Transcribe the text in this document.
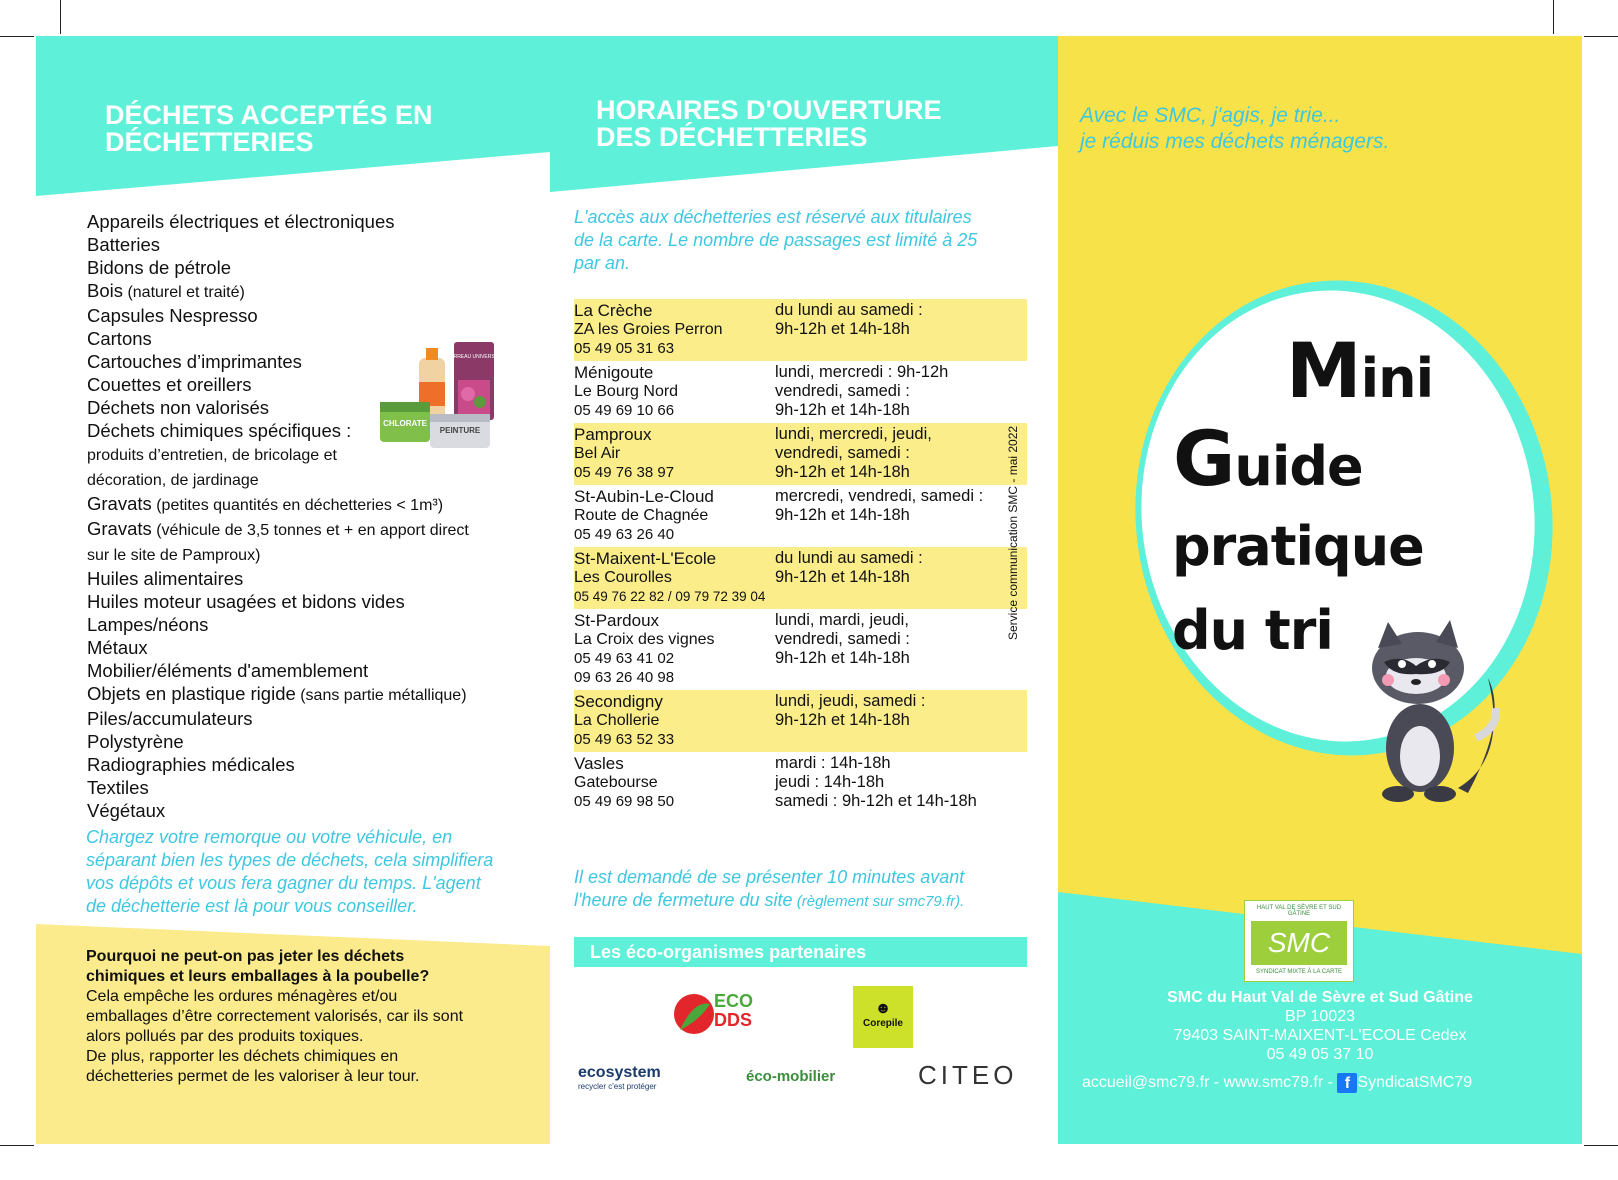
DÉCHETS ACCEPTÉS EN
DÉCHETTERIES
Appareils électriques et électroniques
Batteries
Bidons de pétrole
Bois (naturel et traité)
Capsules Nespresso
Cartons
Cartouches d’imprimantes
Couettes et oreillers
Déchets non valorisés
Déchets chimiques spécifiques :
produits d’entretien, de bricolage et
décoration, de jardinage
Gravats (petites quantités en déchetteries < 1m³)
Gravats (véhicule de 3,5 tonnes et + en apport direct
sur le site de Pamproux)
Huiles alimentaires
Huiles moteur usagées et bidons vides
Lampes/néons
Métaux
Mobilier/éléments d'amemblement
Objets en plastique rigide (sans partie métallique)
Piles/accumulateurs
Polystyrène
Radiographies médicales
Textiles
Végétaux
CHLORATE
PEINTURE
TERREAU UNIVERSEL
Chargez votre remorque ou votre véhicule, en
séparant bien les types de déchets, cela simplifiera
vos dépôts et vous fera gagner du temps. L'agent
de déchetterie est là pour vous conseiller.
Pourquoi ne peut-on pas jeter les déchets
chimiques et leurs emballages à la poubelle?
Cela empêche les ordures ménagères et/ou
emballages d’être correctement valorisés, car ils sont
alors pollués par des produits toxiques.
De plus, rapporter les déchets chimiques en
déchetteries permet de les valoriser à leur tour.
HORAIRES D'OUVERTURE
DES DÉCHETTERIES
L'accès aux déchetteries est réservé aux titulaires
de la carte. Le nombre de passages est limité à 25
par an.
La Crèche
ZA les Groies Perron
05 49 05 31 63
du lundi au samedi :
9h-12h et 14h-18h
Ménigoute
Le Bourg Nord
05 49 69 10 66
lundi, mercredi : 9h-12h
vendredi, samedi :
9h-12h et 14h-18h
Pamproux
Bel Air
05 49 76 38 97
lundi, mercredi, jeudi,
vendredi, samedi :
9h-12h et 14h-18h
St-Aubin-Le-Cloud
Route de Chagnée
05 49 63 26 40
mercredi, vendredi, samedi :
9h-12h et 14h-18h
St-Maixent-L'Ecole
Les Courolles
05 49 76 22 82 / 09 79 72 39 04
du lundi au samedi :
9h-12h et 14h-18h
St-Pardoux
La Croix des vignes
05 49 63 41 02
09 63 26 40 98
lundi, mardi, jeudi,
vendredi, samedi :
9h-12h et 14h-18h
Secondigny
La Chollerie
05 49 63 52 33
lundi, jeudi, samedi :
9h-12h et 14h-18h
Vasles
Gatebourse
05 49 69 98 50
mardi : 14h-18h
jeudi : 14h-18h
samedi : 9h-12h et 14h-18h
Service communication SMC - mai 2022
Il est demandé de se présenter 10 minutes avant
l'heure de fermeture du site (règlement sur smc79.fr).
Les éco-organismes partenaires
ECO
DDS
☻
Corepile
ecosystem
recycler c'est protéger
éco-mobilier	CITEO
Avec le SMC, j'agis, je trie...
je réduis mes déchets ménagers.
Mini
Guide
pratique
du tri
HAUT VAL DE SÈVRE ET SUD GÂTINE
SMC
SYNDICAT MIXTE À LA CARTE
SMC du Haut Val de Sèvre et Sud Gâtine
BP 10023
79403 SAINT-MAIXENT-L'ECOLE Cedex
05 49 05 37 10
accueil@smc79.fr - www.smc79.fr - f SyndicatSMC79
